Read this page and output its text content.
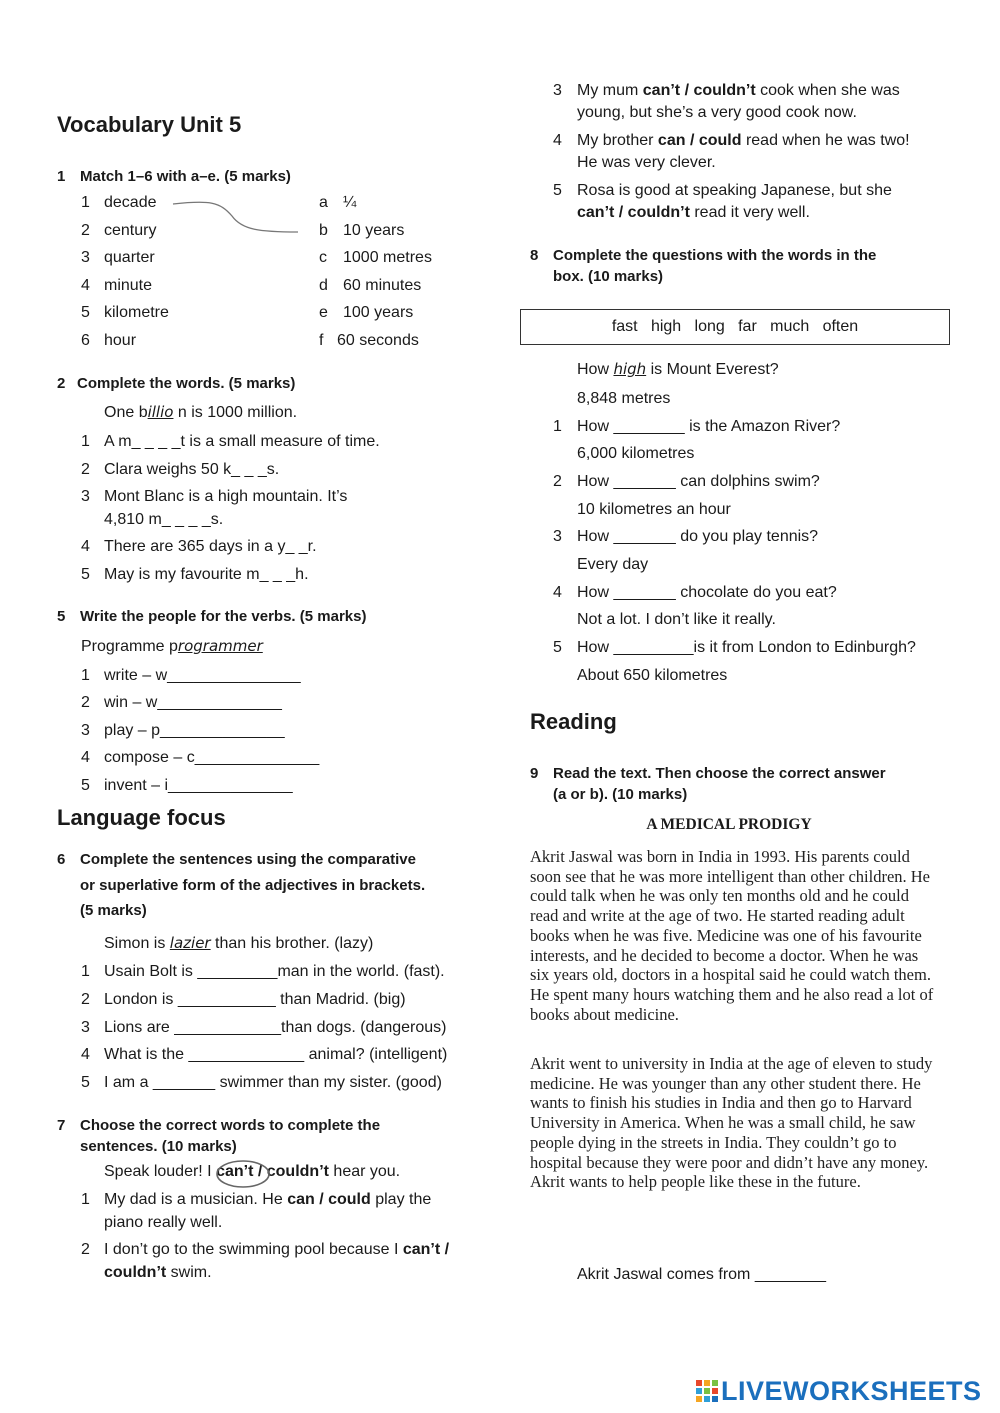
Vocabulary Unit 5
1 Match 1–6 with a–e. (5 marks)
1 decade
2 century
3 quarter
4 minute
5 kilometre
6 hour
a ¼
b 10 years
c 1000 metres
d 60 minutes
e 100 years
f 60 seconds
2 Complete the words. (5 marks)
One billio n is 1000 million.
1 A m_ _ _ _t is a small measure of time.
2 Clara weighs 50 k_ _ _s.
3 Mont Blanc is a high mountain. It’s
4,810 m_ _ _ _s.
4 There are 365 days in a y_ _r.
5 May is my favourite m_ _ _h.
5 Write the people for the verbs. (5 marks)
Programme programmer
1 write – w_______________
2 win – w______________
3 play – p______________
4 compose – c______________
5 invent – i______________
Language focus
6 Complete the sentences using the comparative
or superlative form of the adjectives in brackets.
(5 marks)
Simon is lazier than his brother. (lazy)
1 Usain Bolt is _________man in the world. (fast).
2 London is ___________ than Madrid. (big)
3 Lions are ____________than dogs. (dangerous)
4 What is the _____________ animal? (intelligent)
5 I am a _______ swimmer than my sister. (good)
7 Choose the correct words to complete the
sentences. (10 marks)
Speak louder! I can’t / couldn’t hear you.
1 My dad is a musician. He can / could play the
piano really well.
2 I don’t go to the swimming pool because I can’t /
couldn’t swim.
3 My mum can’t / couldn’t cook when she was
young, but she’s a very good cook now.
4 My brother can / could read when he was two!
He was very clever.
5 Rosa is good at speaking Japanese, but she
can’t / couldn’t read it very well.
8 Complete the questions with the words in the
box. (10 marks)
fast   high   long   far   much   often
How high is Mount Everest?
8,848 metres
1 How ________ is the Amazon River?
6,000 kilometres
2 How _______ can dolphins swim?
10 kilometres an hour
3 How _______ do you play tennis?
Every day
4 How _______ chocolate do you eat?
Not a lot. I don’t like it really.
5 How _________is it from London to Edinburgh?
About 650 kilometres
Reading
9 Read the text. Then choose the correct answer
(a or b). (10 marks)
A MEDICAL PRODIGY
Akrit Jaswal was born in India in 1993. His parents could soon see that he was more intelligent than other children. He could talk when he was only ten months old and he could read and write at the age of two. He started reading adult books when he was five. Medicine was one of his favourite interests, and he decided to become a doctor. When he was six years old, doctors in a hospital said he could watch them. He spent many hours watching them and he also read a lot of books about medicine.
Akrit went to university in India at the age of eleven to study medicine. He was younger than any other student there. He wants to finish his studies in India and then go to Harvard University in America. When he was a small child, he saw people dying in the streets in India. They couldn’t go to hospital because they were poor and didn’t have any money. Akrit wants to help people like these in the future.
Akrit Jaswal comes from ________
LIVEWORKSHEETS
